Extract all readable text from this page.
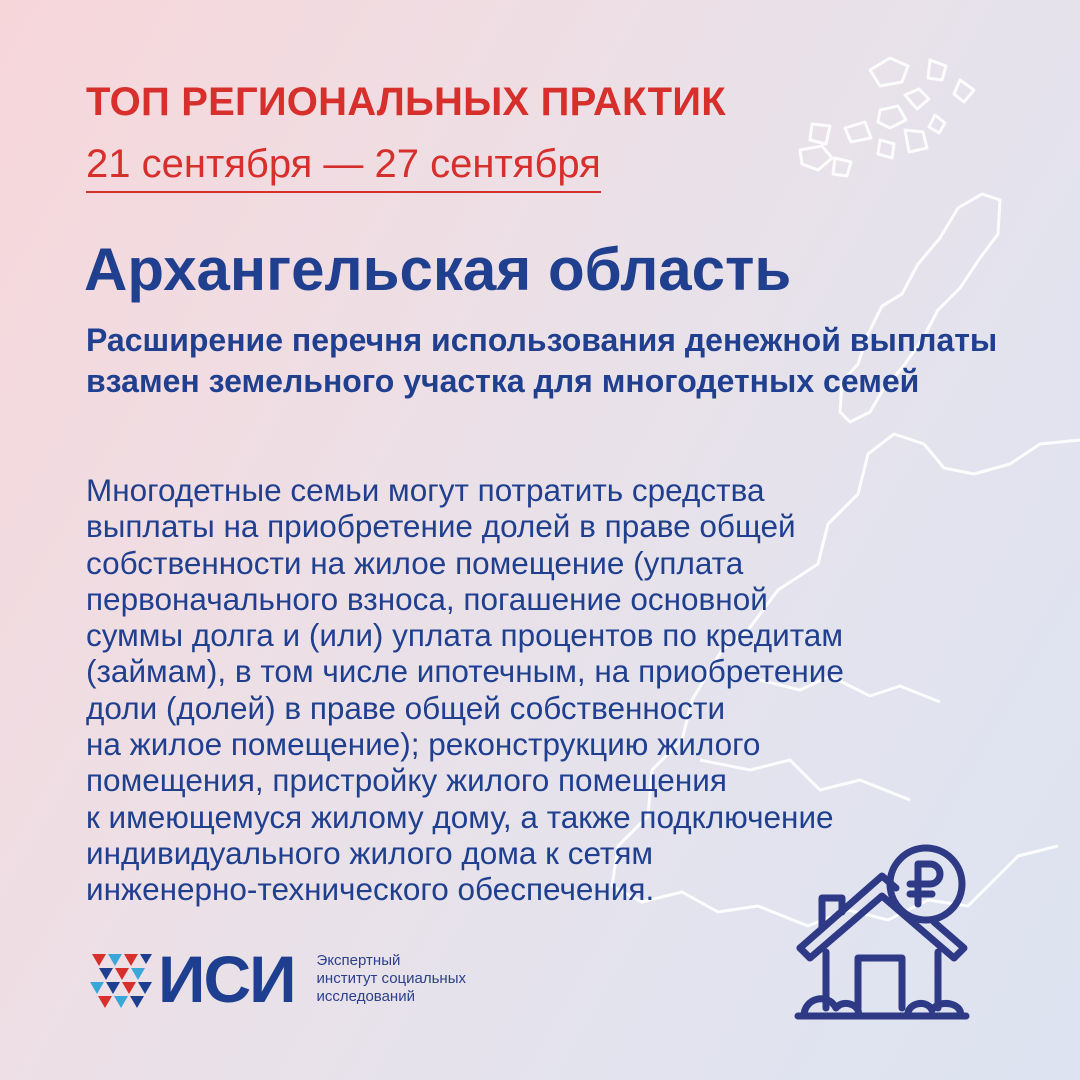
ТОП РЕГИОНАЛЬНЫХ ПРАКТИК
21 сентября — 27 сентября
Архангельская область
Расширение перечня использования денежной выплаты взамен земельного участка для многодетных семей

Многодетные семьи могут потратить средства
выплаты на приобретение долей в праве общей
собственности на жилое помещение (уплата
первоначального взноса, погашение основной
суммы долга и (или) уплата процентов по кредитам
(займам), в том числе ипотечным, на приобретение
доли (долей) в праве общей собственности
на жилое помещение); реконструкцию жилого
помещения, пристройку жилого помещения
к имеющемуся жилому дому, а также подключение
индивидуального жилого дома к сетям
инженерно-технического обеспечения.

ИСИ Экспертный
институт социальных
исследований
